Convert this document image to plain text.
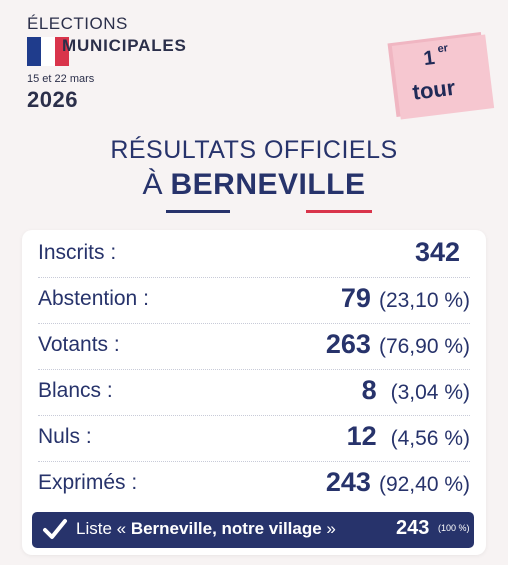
ÉLECTIONS
MUNICIPALES
15 et 22 mars
2026
1 er
tour
RÉSULTATS OFFICIELS
À BERNEVILLE
Inscrits :	342
Abstention :	79 (23,10 %)
Votants :	263 (76,90 %)
Blancs :	8 (3,04 %)
Nuls :	12 (4,56 %)
Exprimés :	243 (92,40 %)
Liste « Berneville, notre village »	243 (100 %)
